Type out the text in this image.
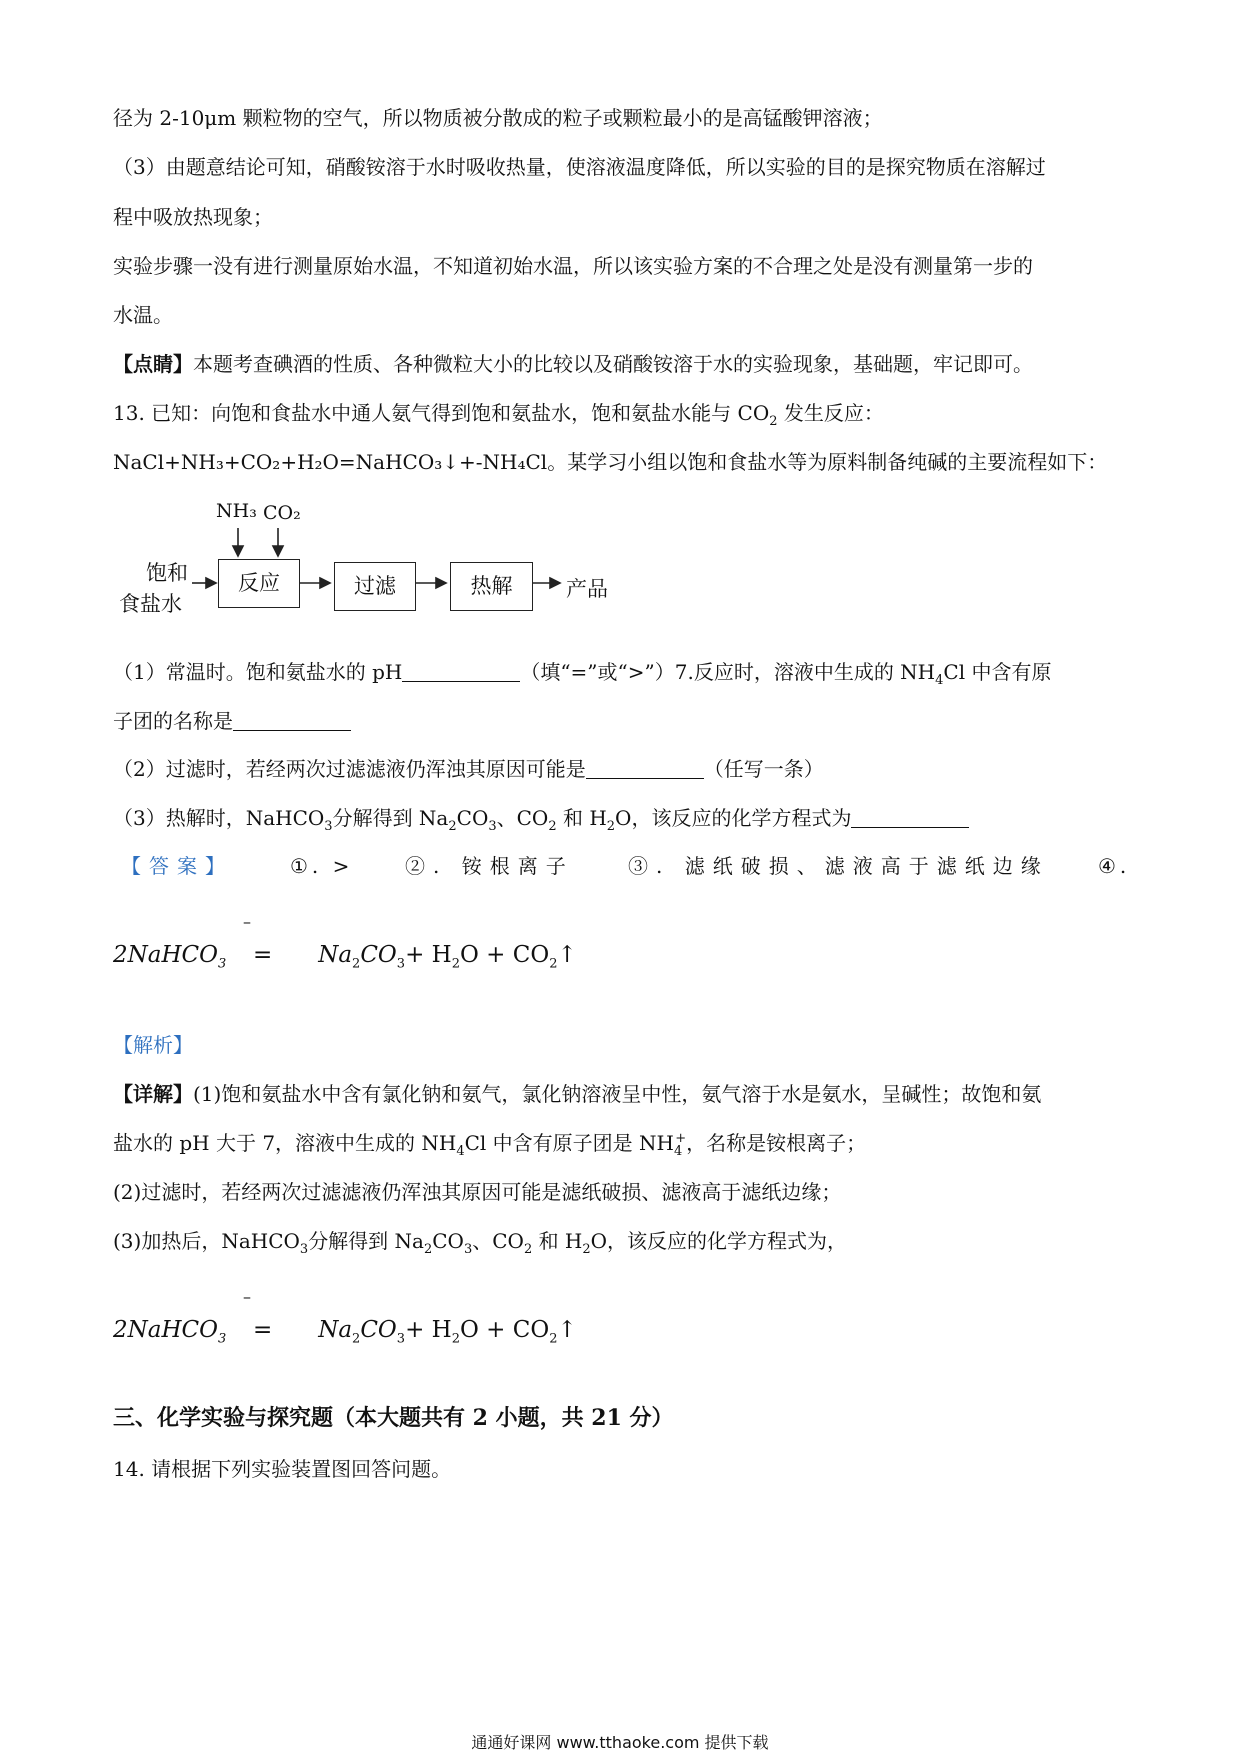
径为 2-10μm 颗粒物的空气，所以物质被分散成的粒子或颗粒最小的是高锰酸钾溶液；
（3）由题意结论可知，硝酸铵溶于水时吸收热量，使溶液温度降低，所以实验的目的是探究物质在溶解过
程中吸放热现象；
实验步骤一没有进行测量原始水温，不知道初始水温，所以该实验方案的不合理之处是没有测量第一步的
水温。
【点睛】本题考查碘酒的性质、各种微粒大小的比较以及硝酸铵溶于水的实验现象，基础题，牢记即可。
13. 已知：向饱和食盐水中通人氨气得到饱和氨盐水，饱和氨盐水能与 $CO_2$ 发生反应：
NaCl+NH₃+CO₂+H₂O=NaHCO₃↓+-NH₄Cl。某学习小组以饱和食盐水等为原料制备纯碱的主要流程如下：
NH₃ CO₂
饱和
食盐水
反应	过滤	热解	产品
（1）常温时。饱和氨盐水的 pH	（填“=”或“>”）7.反应时，溶液中生成的 $NH_4Cl$ 中含有原
子团的名称是
（2）过滤时，若经两次过滤滤液仍浑浊其原因可能是	（任写一条）
（3）热解时，NaHCO$_3$分解得到 $Na_2CO_3$、$CO_2$ 和 $H_2O$，该反应的化学方程式为
【答案】	①. >	②. 铵根离子	③. 滤纸破损、滤液高于滤纸边缘 ④.
–
2NaHCO$_3$ = $Na_2CO_3+ H_2O$ + $CO_2↑$
【解析】
【详解】(1)饱和氨盐水中含有氯化钠和氨气，氯化钠溶液呈中性，氨气溶于水是氨水，呈碱性；故饱和氨
盐水的 pH 大于 7，溶液中生成的 $NH_4Cl$ 中含有原子团是 $NH_4^+$，名称是铵根离子；
(2)过滤时，若经两次过滤滤液仍浑浊其原因可能是滤纸破损、滤液高于滤纸边缘；
(3)加热后，NaHCO$_3$分解得到 $Na_2CO_3$、$CO_2$ 和 $H_2O$，该反应的化学方程式为，
–
2NaHCO$_3$ = $Na_2CO_3+ H_2O$ + $CO_2↑$
三、化学实验与探究题（本大题共有 2 小题，共 21 分）
14. 请根据下列实验装置图回答问题。
通通好课网 www.tthaoke.com 提供下载
